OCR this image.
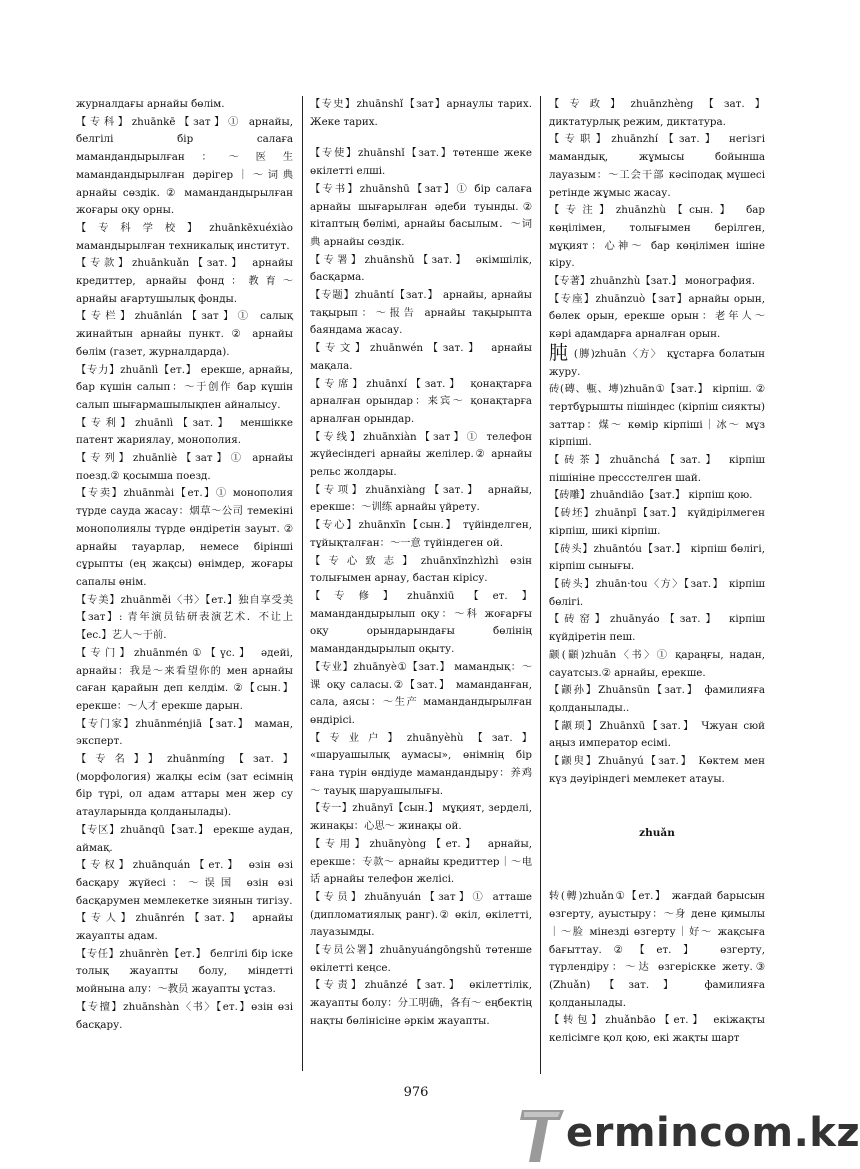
журналдағы арнайы бөлім.

【专科】zhuānkē【зат】① арнайы, белгілі бір салаға мамандандырылған：～医生 мамандандырылған дәрігер｜～词典 арнайы сөздік. ② мамандандырылған жоғары оқу орны.

【专科学校】zhuānkēxuéxiào мамандырылған техникалық институт.

【专款】zhuānkuǎn【зат.】 арнайы кредиттер, арнайы фонд：教育～ арнайы ағартушылық фонды.

【专栏】zhuānlán【зат】① салық жинайтын арнайы пункт. ② арнайы бөлім (газет, журналдарда).

【专力】zhuānlì【ет.】 ерекше, арнайы, бар күшін салып：～于创作 бар күшін салып шығармашылықпен айналысу.

【专利】zhuānlì【зат.】 меншікке патент жариялау, монополия.

【专列】zhuānliè【зат】① арнайы поезд.② қосымша поезд.

【专卖】zhuānmài【ет.】① монополия түрде сауда жасау：烟草～公司 темекіні монополиялы түрде өндіретін зауыт. ② арнайы тауарлар, немесе бірінші сұрыпты (ең жақсы) өнімдер, жоғары сапалы өнім.

【专美】zhuānměi〈书〉【ет.】独自享受美【зат】: 青年演员钻研表演艺术．不让上【ес.】艺人～于前.

【专门】zhuānmén①【үс.】 әдейі, арнайы：我是～来看望你的 мен арнайы саған қарайын деп келдім. ②【сын.】 ерекше：～人才 ерекше дарын.

【专门家】zhuānménjiā【зат.】 маман, эксперт.

【专名】】zhuānmíng【зат.】 (морфология) жалқы есім (зат есімнің бір түрі, ол адам аттары мен жер су атауларында қолданылады).

【专区】zhuānqū【зат.】 ерекше аудан, аймақ.

【专权】zhuānquán【ет.】 өзін өзі басқару жүйесі：～误国 өзін өзі басқарумен мемлекетке зиянын тигізу.

【专人】zhuānrén【зат.】 арнайы жауапты адам.

【专任】zhuānrèn【ет.】 белгілі бір іске толық жауапты болу, міндетті мойнына алу：～教员 жауапты ұстаз.

【专擅】zhuānshàn〈书〉【ет.】өзін өзі басқару.

【专史】zhuānshǐ【зат】арнаулы тарих. Жеке тарих.

【专使】zhuānshǐ【зат.】төтенше жеке өкілетті елші.

【专书】zhuānshū【зат】① бір салаға арнайы шығарылған әдеби туынды.② кітаптың бөлімі, арнайы басылым．～词典 арнайы сөздік.

【专署】zhuānshǔ【зат.】 әкімшілік, басқарма.

【专题】zhuāntí【зат.】 арнайы, арнайы тақырып：～报告 арнайы тақырыпта баяндама жасау.

【专文】zhuānwén【зат.】 арнайы мақала.

【专席】zhuānxí【зат.】 қонақтарға арналған орындар：来宾～ қонақтарға арналған орындар.

【专线】zhuānxiàn【зат】① телефон жүйесіндегі арнайы желілер.② арнайы рельс жолдары.

【专项】zhuānxiàng【зат.】 арнайы, ерекше：～训练 арнайы үйрету.

【专心】zhuānxīn【сын.】 түйінделген, тұйықталған：～一意 түйіндеген ой.

【专心致志】zhuānxīnzhìzhì өзін толығымен арнау, бастан кірісу.

【专修】zhuānxiū【ет.】 мамандандырылып оқу：～科 жоғарғы оқу орындарындағы бөлінің мамандандырылып оқыту.

【专业】zhuānyè①【зат.】 мамандық：～课 оқу саласы.②【зат.】 маманданған, сала, аясы：～生产 мамандандырылған өндірісі.

【专业户】zhuānyèhù【зат.】 «шаруашылық аумасы», өнімнің бір ғана түрін өндіуде мамандандыру：养鸡～ тауық шаруашылығы.

【专一】zhuānyī【сын.】 мұқият, зерделі, жинақы：心思～ жинақы ой.

【专用】zhuānyòng【ет.】 арнайы, ерекше：专款～ арнайы кредиттер｜～电话 арнайы телефон желісі.

【专员】zhuānyuán【зат】① атташе (дипломатиялық ранг).② өкіл, өкілетті, лауазымды.

【专员公署】zhuānyuángōngshǔ төтенше өкілетті кеңсе.

【专责】zhuānzé【зат.】 өкілеттілік, жауапты болу：分工明确，各有～ еңбектің нақты бөлінісіне әркім жауапты.

【专政】zhuānzhèng【зат.】 диктатурлық режим, диктатура.

【专职】zhuānzhí【зат.】 негізгі мамандық, жұмысы бойынша лауазым：～工会干部 кәсіподақ мүшесі ретінде жұмыс жасау.

【专注】zhuānzhù【сын.】 бар көңілімен, толығымен берілген, мұқият：心神～ бар көңілімен ішіне кіру.

【专著】zhuānzhù【зат.】 монография.

【专座】zhuānzuò【зат】арнайы орын, бөлек орын, ерекше орын：老年人～ кәрі адамдарға арналған орын.

肫 (膞)zhuān〈方〉 құстарға болатын журу.

砖(磚、甎、塼)zhuān①【зат.】 кірпіш. ② тертбұрышты пішіндес (кірпіш сиякты) заттар：煤～ көмір кірпіші｜冰～ мұз кірпіші.

【砖茶】zhuānchá【зат.】 кірпіш пішініне прессстелген шай.

【砖雕】zhuāndiāo【зат.】 кірпіш қою.

【砖坯】zhuānpī【зат.】 күйдірілмеген кірпіш, шикі кірпіш.

【砖头】zhuāntóu【зат.】 кірпіш бөлігі, кірпіш сынығы.

【砖头】zhuān·tou〈方〉【зат.】 кірпіш бөлігі.

【砖窑】zhuānyáo【зат.】 кірпіш күйдіретін пеш.

颛(顓)zhuān〈书〉① қараңғы, надан, сауатсыз.② арнайы, ерекше.

【颛孙】Zhuānsūn【зат.】 фамилияға қолданылады..

【颛顼】Zhuānxū【зат.】 Чжуан сюй аңыз император есімі.

【颛臾】Zhuānyú【зат.】 Көктем мен күз дәуіріндегі мемлекет атауы.

zhuǎn

转(轉)zhuǎn①【ет.】 жағдай барысын өзгерту, ауыстыру：～身 дене қимылы｜～脸 мінезді өзгерту｜好～ жақсыға бағыттау.②【ет.】 өзгерту, түрлендіру：～达 өзгеріскке жету.③ (Zhuǎn)【зат.】 фамилияға қолданылады.

【转包】zhuǎnbāo【ет.】 екіжақты келісімге қол қою, екі жақты шарт

976
ermincom.kz
